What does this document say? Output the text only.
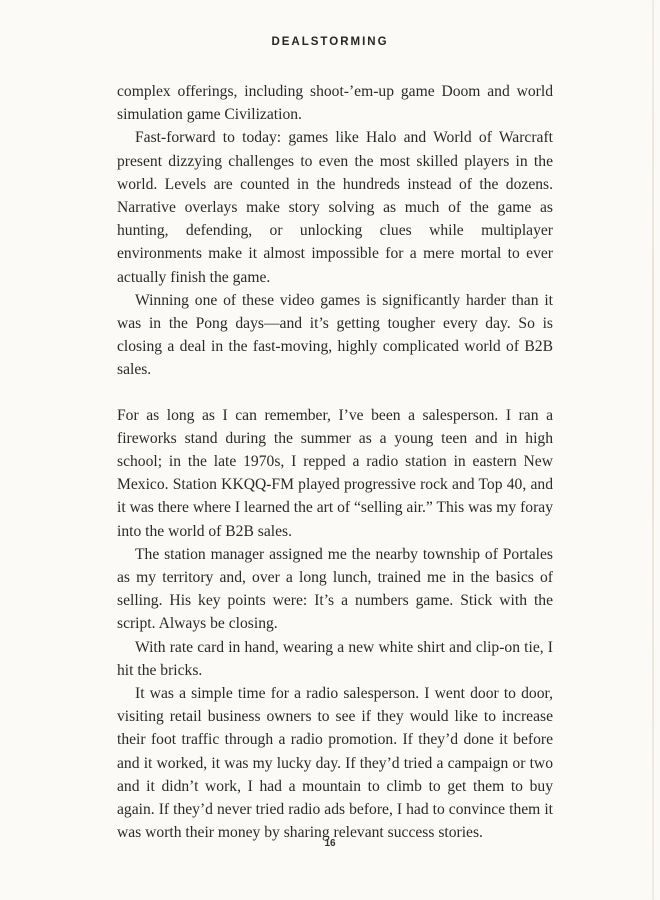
DEALSTORMING

complex offerings, including shoot-’em-up game Doom and world simulation game Civilization.

Fast-forward to today: games like Halo and World of Warcraft present dizzying challenges to even the most skilled players in the world. Levels are counted in the hundreds instead of the dozens. Narrative overlays make story solving as much of the game as hunting, defending, or unlocking clues while multiplayer environments make it almost impossible for a mere mortal to ever actually finish the game.

Winning one of these video games is significantly harder than it was in the Pong days—and it’s getting tougher every day. So is closing a deal in the fast-moving, highly complicated world of B2B sales.

For as long as I can remember, I’ve been a salesperson. I ran a fireworks stand during the summer as a young teen and in high school; in the late 1970s, I repped a radio station in eastern New Mexico. Station KKQQ-FM played progressive rock and Top 40, and it was there where I learned the art of “selling air.” This was my foray into the world of B2B sales.

The station manager assigned me the nearby township of Portales as my territory and, over a long lunch, trained me in the basics of selling. His key points were: It’s a numbers game. Stick with the script. Always be closing.

With rate card in hand, wearing a new white shirt and clip-on tie, I hit the bricks.

It was a simple time for a radio salesperson. I went door to door, visiting retail business owners to see if they would like to increase their foot traffic through a radio promotion. If they’d done it before and it worked, it was my lucky day. If they’d tried a campaign or two and it didn’t work, I had a mountain to climb to get them to buy again. If they’d never tried radio ads before, I had to convince them it was worth their money by sharing relevant success stories.

16
